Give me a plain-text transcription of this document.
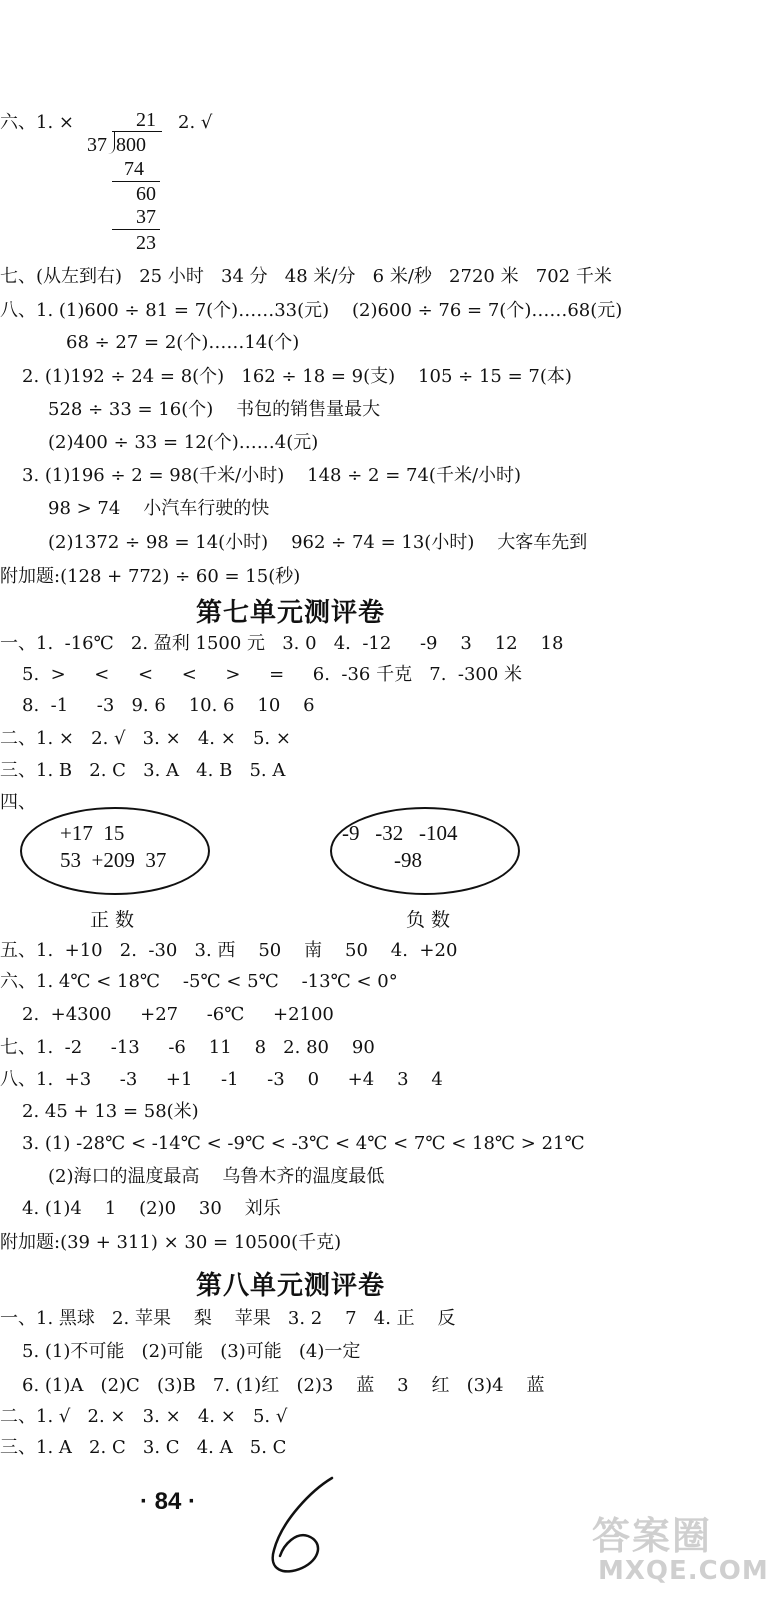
六、1. ×	2. √
21
37 800
74
60
37
23
七、(从左到右)   25 小时   34 分   48 米/分   6 米/秒   2720 米   702 千米
八、1. (1)600 ÷ 81 = 7(个)……33(元)    (2)600 ÷ 76 = 7(个)……68(元)
68 ÷ 27 = 2(个)……14(个)
2. (1)192 ÷ 24 = 8(个)   162 ÷ 18 = 9(支)    105 ÷ 15 = 7(本)
528 ÷ 33 = 16(个)    书包的销售量最大
(2)400 ÷ 33 = 12(个)……4(元)
3. (1)196 ÷ 2 = 98(千米/小时)    148 ÷ 2 = 74(千米/小时)
98 > 74    小汽车行驶的快
(2)1372 ÷ 98 = 14(小时)    962 ÷ 74 = 13(小时)    大客车先到
附加题:(128 + 772) ÷ 60 = 15(秒)
第七单元测评卷
一、1.  -16℃   2. 盈利 1500 元   3. 0   4.  -12     -9    3    12    18
5.  >     <     <     <     >     =     6.  -36 千克   7.  -300 米
8.  -1     -3   9. 6    10. 6    10    6
二、1. ×   2. √   3. ×   4. ×   5. ×
三、1. B   2. C   3. A   4. B   5. A
四、
+17  15
53  +209  37
正数
-9   -32   -104
-98
负数
五、1.  +10   2.  -30   3. 西    50    南    50    4.  +20
六、1. 4℃ < 18℃    -5℃ < 5℃    -13℃ < 0°
2.  +4300     +27     -6℃     +2100
七、1.  -2     -13     -6    11    8   2. 80    90
八、1.  +3     -3     +1     -1     -3    0     +4    3    4
2. 45 + 13 = 58(米)
3. (1) -28℃ < -14℃ < -9℃ < -3℃ < 4℃ < 7℃ < 18℃ > 21℃
(2)海口的温度最高    乌鲁木齐的温度最低
4. (1)4    1    (2)0    30    刘乐
附加题:(39 + 311) × 30 = 10500(千克)
第八单元测评卷
一、1. 黑球   2. 苹果    梨    苹果   3. 2    7   4. 正    反
5. (1)不可能   (2)可能   (3)可能   (4)一定
6. (1)A   (2)C   (3)B   7. (1)红   (2)3    蓝    3    红   (3)4    蓝
二、1. √   2. ×   3. ×   4. ×   5. √
三、1. A   2. C   3. C   4. A   5. C
· 84 ·
答案圈
MXQE.COM
